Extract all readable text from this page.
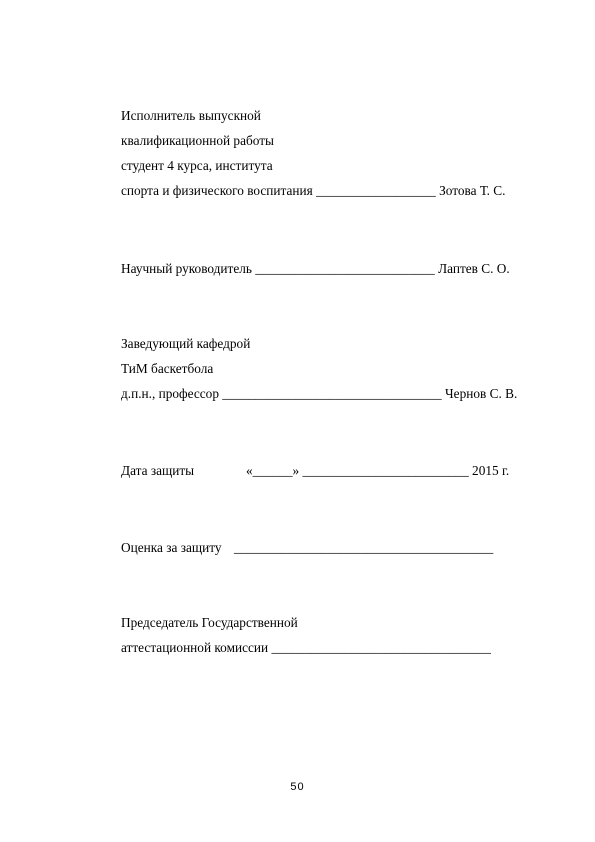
Исполнитель выпускной
квалификационной работы
студент 4 курса, института
спорта и физического воспитания __________________ Зотова Т. С.
Научный руководитель ___________________________ Лаптев С. О.
Заведующий кафедрой
ТиМ баскетбола
д.п.н., профессор _________________________________ Чернов С. В.
Дата защиты	«______» _________________________ 2015 г.
Оценка за защиту _______________________________________
Председатель Государственной
аттестационной комиссии _________________________________
50
